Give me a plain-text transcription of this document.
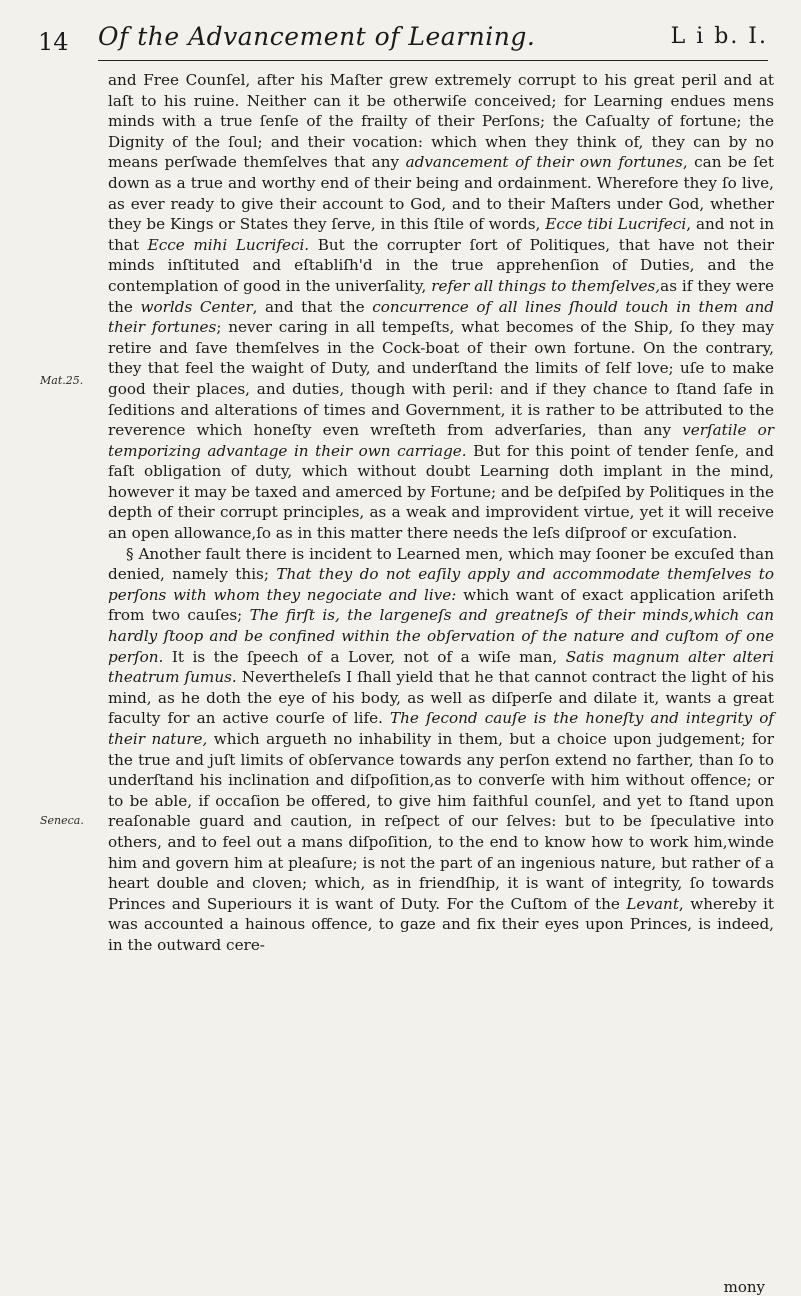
14 Of the Advancement of Learning.	L i b. I.
Mat.25.
Seneca.

and Free Counſel, after his Maſter grew extremely corrupt to his great peril and at laſt to his ruine. Neither can it be otherwiſe conceived; for Learning endues mens minds with a true ſenſe of the frailty of their Perſons; the Caſualty of fortune; the Dignity of the ſoul; and their vocation: which when they think of, they can by no means perſwade themſelves that any advancement of their own fortunes, can be ſet down as a true and worthy end of their being and ordainment. Wherefore they ſo live, as ever ready to give their account to God, and to their Maſters under God, whether they be Kings or States they ſerve, in this ſtile of words, Ecce tibi Lucrifeci, and not in that Ecce mihi Lucrifeci. But the corrupter ſort of Politiques, that have not their minds inſtituted and eſtabliſh'd in the true apprehenſion of Duties, and the contemplation of good in the univerſality, refer all things to themſelves,as if they were the worlds Center, and that the concurrence of all lines ſhould touch in them and their fortunes; never caring in all tempeſts, what becomes of the Ship, ſo they may retire and ſave themſelves in the Cock-boat of their own fortune. On the contrary, they that feel the waight of Duty, and underſtand the limits of ſelf love; uſe to make good their places, and duties, though with peril: and if they chance to ſtand ſafe in ſeditions and alterations of times and Government, it is rather to be attributed to the reverence which honeſty even wreſteth from adverſaries, than any verſatile or temporizing advantage in their own carriage. But for this point of tender ſenſe, and faſt obligation of duty, which without doubt Learning doth implant in the mind, however it may be taxed and amerced by Fortune; and be deſpiſed by Politiques in the depth of their corrupt principles, as a weak and improvident virtue, yet it will receive an open allowance,ſo as in this matter there needs the leſs diſproof or excuſation.

§ Another fault there is incident to Learned men, which may ſooner be excuſed than denied, namely this; That they do not eaſily apply and accommodate themſelves to perſons with whom they negociate and live: which want of exact application ariſeth from two cauſes; The firſt is, the largeneſs and greatneſs of their minds,which can hardly ſtoop and be confined within the obſervation of the nature and cuſtom of one perſon. It is the ſpeech of a Lover, not of a wiſe man, Satis magnum alter alteri theatrum ſumus. Neverthelеſs I ſhall yield that he that cannot contract the light of his mind, as he doth the eye of his body, as well as diſperſe and dilate it, wants a great faculty for an active courſe of life. The ſecond cauſe is the honeſty and integrity of their nature, which argueth no inhability in them, but a choice upon judgement; for the true and juſt limits of obſervance towards any perſon extend no farther, than ſo to underſtand his inclination and diſpoſition,as to converſe with him without offence; or to be able, if occaſion be offered, to give him faithful counſel, and yet to ſtand upon reaſonable guard and caution, in reſpect of our ſelves: but to be ſpeculative into others, and to feel out a mans diſpoſition, to the end to know how to work him,winde him and govern him at pleaſure; is not the part of an ingenious nature, but rather of a heart double and cloven; which, as in friendſhip, it is want of integrity, ſo towards Princes and Superiours it is want of Duty. For the Cuſtom of the Levant, whereby it was accounted a hainous offence, to gaze and fix their eyes upon Princes, is indeed, in the outward cere-

mony
